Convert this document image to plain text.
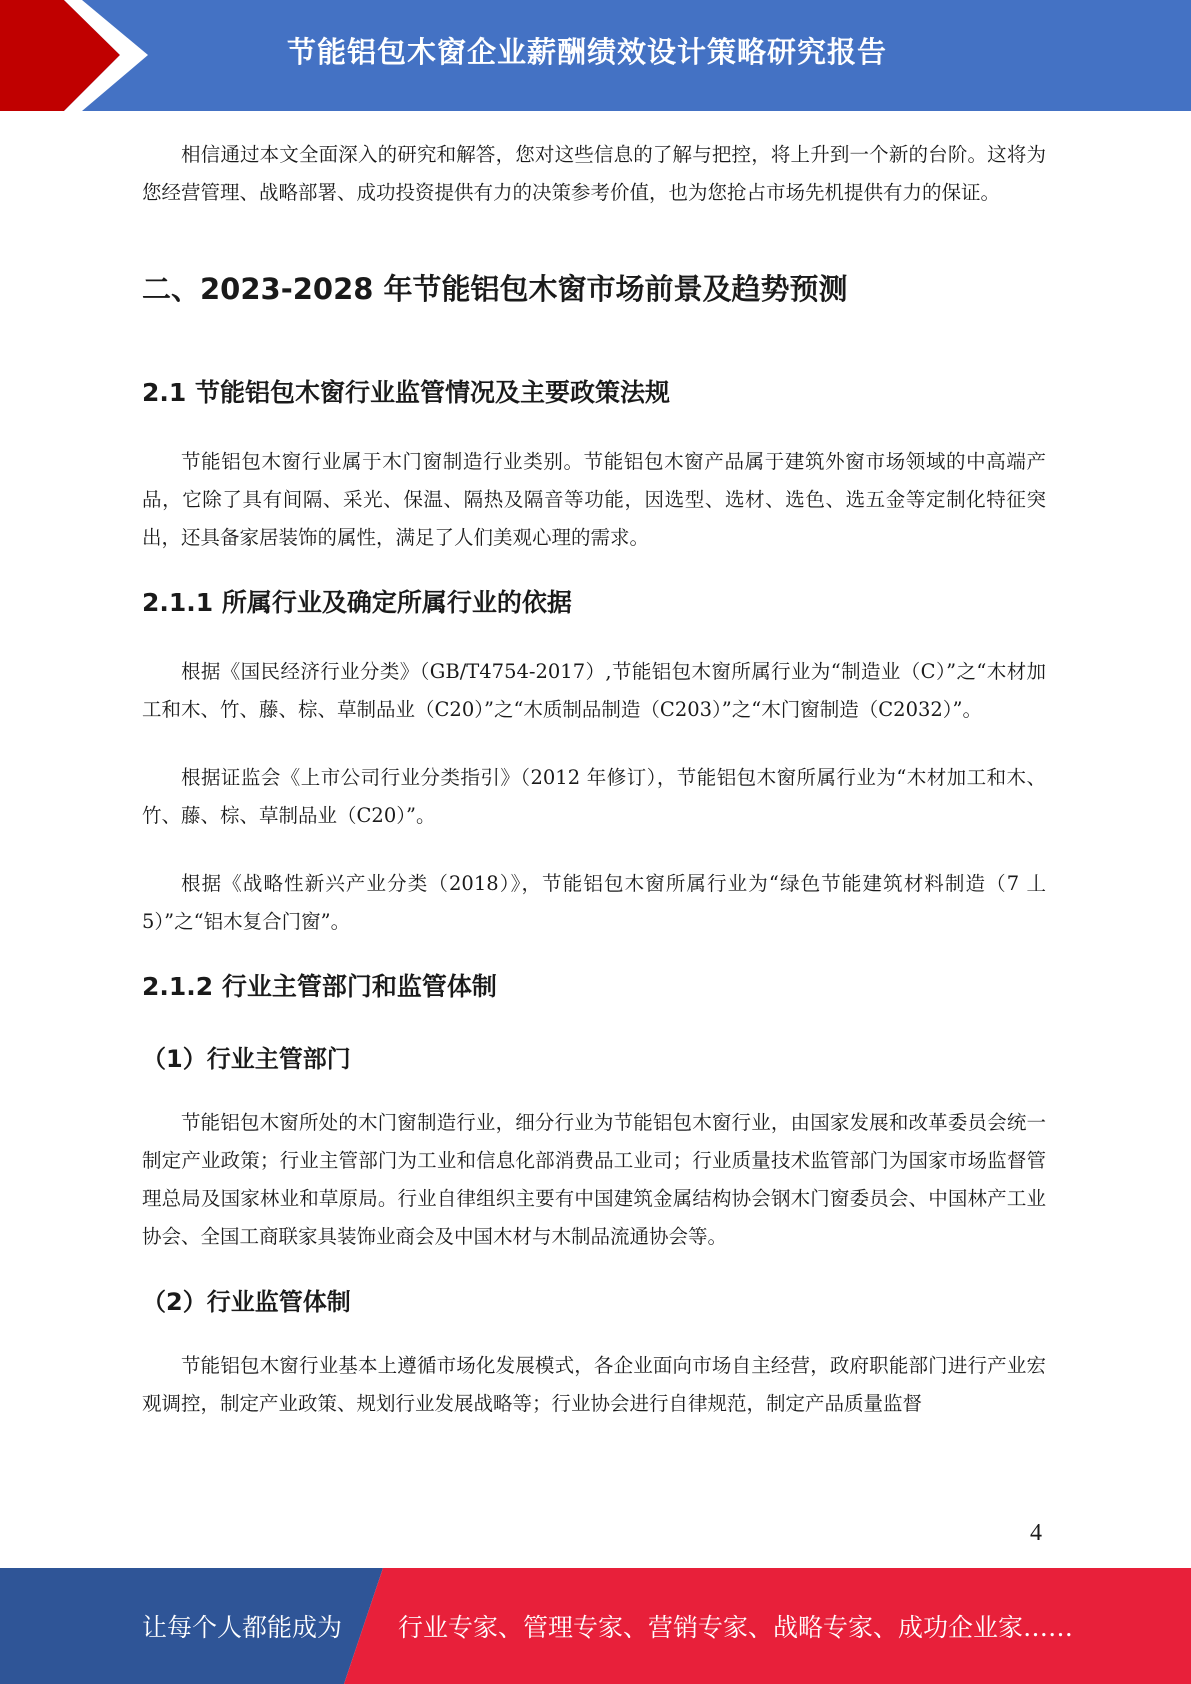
节能铝包木窗企业薪酬绩效设计策略研究报告

相信通过本文全面深入的研究和解答，您对这些信息的了解与把控，将上升到一个新的台阶。这将为您经营管理、战略部署、成功投资提供有力的决策参考价值，也为您抢占市场先机提供有力的保证。

二、2023-2028 年节能铝包木窗市场前景及趋势预测
2.1 节能铝包木窗行业监管情况及主要政策法规

节能铝包木窗行业属于木门窗制造行业类别。节能铝包木窗产品属于建筑外窗市场领域的中高端产品，它除了具有间隔、采光、保温、隔热及隔音等功能，因选型、选材、选色、选五金等定制化特征突出，还具备家居装饰的属性，满足了人们美观心理的需求。

2.1.1 所属行业及确定所属行业的依据

根据《国民经济行业分类》（GB/T4754-2017）,节能铝包木窗所属行业为“制造业（C）”之“木材加工和木、竹、藤、棕、草制品业（C20）”之“木质制品制造（C203）”之“木门窗制造（C2032）”。

根据证监会《上市公司行业分类指引》（2012 年修订），节能铝包木窗所属行业为“木材加工和木、竹、藤、棕、草制品业（C20）”。

根据《战略性新兴产业分类（2018）》，节能铝包木窗所属行业为“绿色节能建筑材料制造（7 丄 5）”之“铝木复合门窗”。

2.1.2 行业主管部门和监管体制
（1）行业主管部门

节能铝包木窗所处的木门窗制造行业，细分行业为节能铝包木窗行业，由国家发展和改革委员会统一制定产业政策；行业主管部门为工业和信息化部消费品工业司；行业质量技术监管部门为国家市场监督管理总局及国家林业和草原局。行业自律组织主要有中国建筑金属结构协会钢木门窗委员会、中国林产工业协会、全国工商联家具装饰业商会及中国木材与木制品流通协会等。

（2）行业监管体制

节能铝包木窗行业基本上遵循市场化发展模式，各企业面向市场自主经营，政府职能部门进行产业宏观调控，制定产业政策、规划行业发展战略等；行业协会进行自律规范，制定产品质量监督

4
让每个人都能成为 行业专家、管理专家、营销专家、战略专家、成功企业家……
